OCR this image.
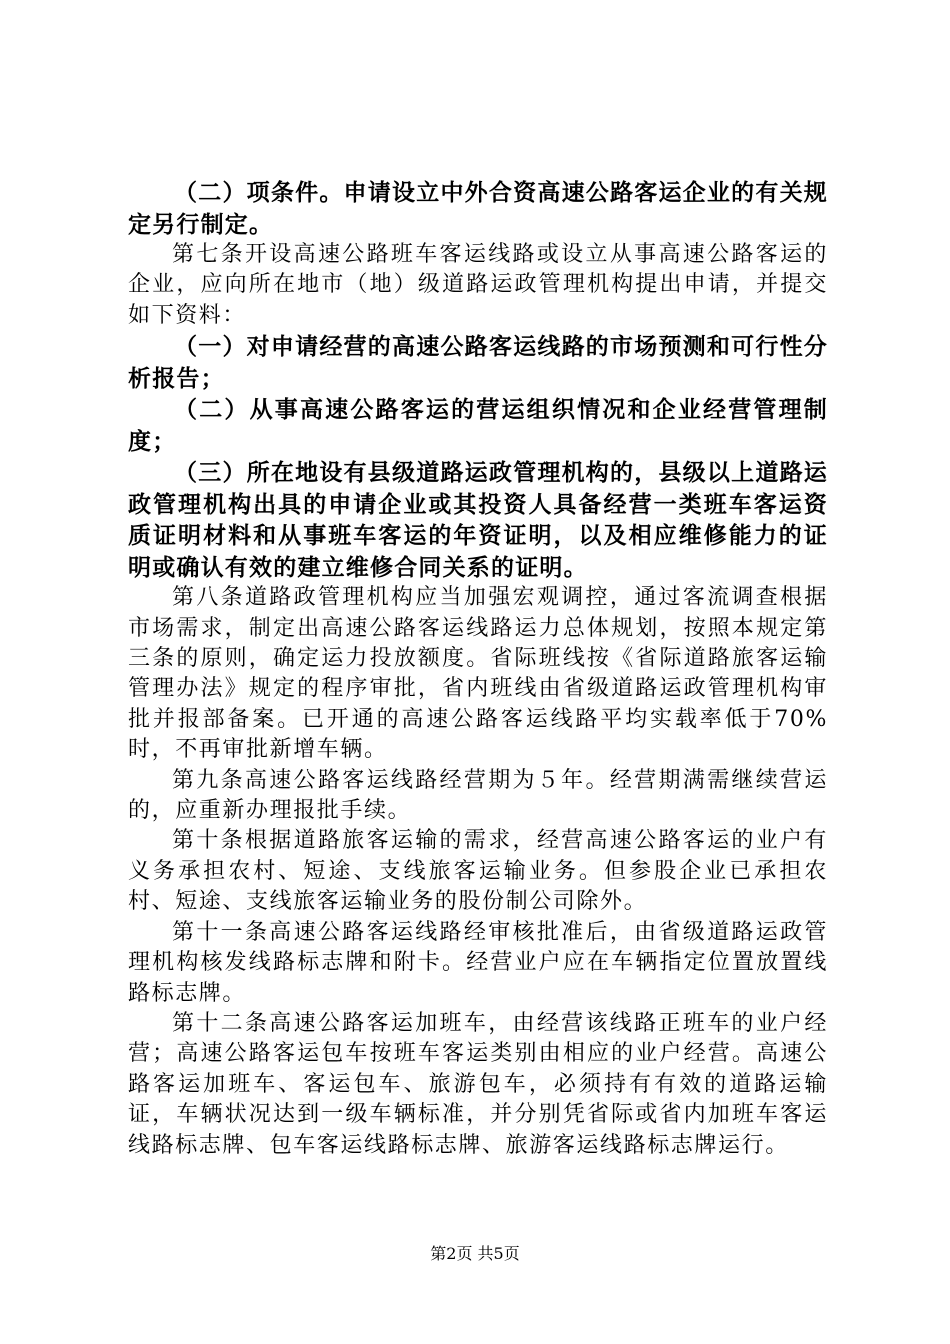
（二）项条件。申请设立中外合资高速公路客运企业的有关规定另行制定。

第七条开设高速公路班车客运线路或设立从事高速公路客运的企业，应向所在地市（地）级道路运政管理机构提出申请，并提交如下资料：

（一）对申请经营的高速公路客运线路的市场预测和可行性分析报告；

（二）从事高速公路客运的营运组织情况和企业经营管理制度；

（三）所在地设有县级道路运政管理机构的，县级以上道路运政管理机构出具的申请企业或其投资人具备经营一类班车客运资质证明材料和从事班车客运的年资证明，以及相应维修能力的证明或确认有效的建立维修合同关系的证明。

第八条道路政管理机构应当加强宏观调控，通过客流调查根据市场需求，制定出高速公路客运线路运力总体规划，按照本规定第三条的原则，确定运力投放额度。省际班线按《省际道路旅客运输管理办法》规定的程序审批，省内班线由省级道路运政管理机构审批并报部备案。已开通的高速公路客运线路平均实载率低于70%时，不再审批新增车辆。

第九条高速公路客运线路经营期为５年。经营期满需继续营运的，应重新办理报批手续。

第十条根据道路旅客运输的需求，经营高速公路客运的业户有义务承担农村、短途、支线旅客运输业务。但参股企业已承担农村、短途、支线旅客运输业务的股份制公司除外。

第十一条高速公路客运线路经审核批准后，由省级道路运政管理机构核发线路标志牌和附卡。经营业户应在车辆指定位置放置线路标志牌。

第十二条高速公路客运加班车，由经营该线路正班车的业户经营；高速公路客运包车按班车客运类别由相应的业户经营。高速公路客运加班车、客运包车、旅游包车，必须持有有效的道路运输证，车辆状况达到一级车辆标准，并分别凭省际或省内加班车客运线路标志牌、包车客运线路标志牌、旅游客运线路标志牌运行。

第2页 共5页
